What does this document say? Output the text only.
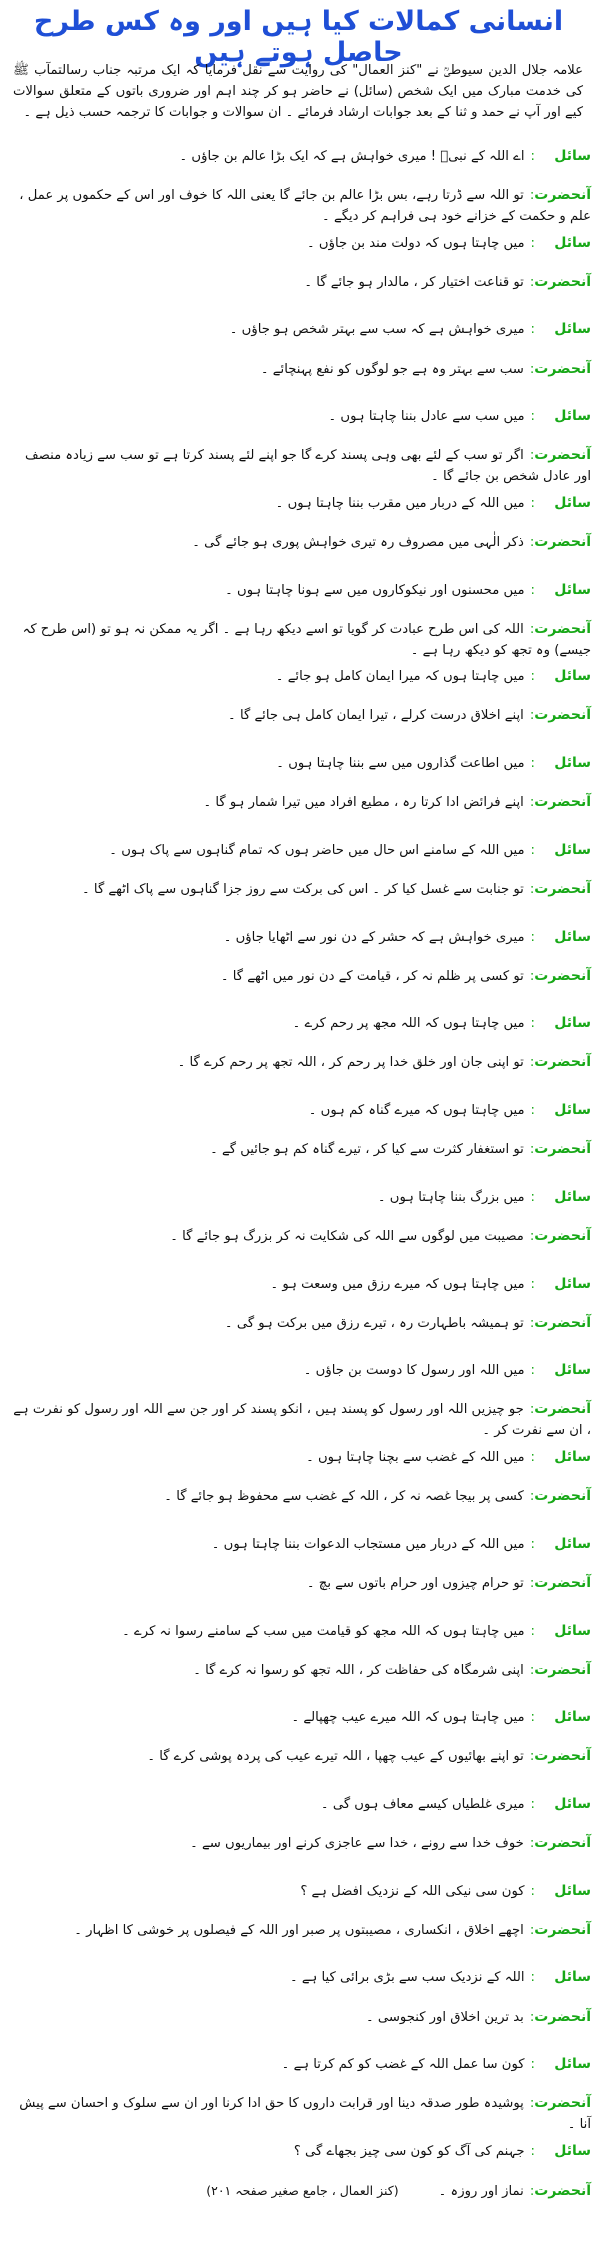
انسانی کمالات کیا ہیں اور وہ کس طرح حاصل ہوتے ہیں
علامہ جلال الدین سیوطیؒ نے "کنز العمال" کی روایت سے نقل فرمایا کہ ایک مرتبہ جناب رسالتمآب ﷺ کی خدمت مبارک میں ایک شخص (سائل) نے حاضر ہو کر چند اہم اور ضروری باتوں کے متعلق سوالات کیے اور آپ نے حمد و ثنا کے بعد جوابات ارشاد فرمائے ۔ ان سوالات و جوابات کا ترجمہ حسب ذیل ہے ۔
سائل:اے اللہ کے نبیؐ ! میری خواہش ہے کہ ایک بڑا عالم بن جاؤں ۔
آنحضرت:تو اللہ سے ڈرتا رہے، بس بڑا عالم بن جائے گا یعنی اللہ کا خوف اور اس کے حکموں پر عمل ، علم و حکمت کے خزانے خود ہی فراہم کر دیگے ۔
سائل:میں چاہتا ہوں کہ دولت مند بن جاؤں ۔
آنحضرت:تو قناعت اختیار کر ، مالدار ہو جائے گا ۔
سائل:میری خواہش ہے کہ سب سے بہتر شخص ہو جاؤں ۔
آنحضرت:سب سے بہتر وہ ہے جو لوگوں کو نفع پہنچائے ۔
سائل:میں سب سے عادل بننا چاہتا ہوں ۔
آنحضرت:اگر تو سب کے لئے بھی وہی پسند کرے گا جو اپنے لئے پسند کرتا ہے تو سب سے زیادہ منصف اور عادل شخص بن جائے گا ۔
سائل:میں اللہ کے دربار میں مقرب بننا چاہتا ہوں ۔
آنحضرت:ذکر الٰہی میں مصروف رہ تیری خواہش پوری ہو جائے گی ۔
سائل:میں محسنوں اور نیکوکاروں میں سے ہونا چاہتا ہوں ۔
آنحضرت:اللہ کی اس طرح عبادت کر گویا تو اسے دیکھ رہا ہے ۔ اگر یہ ممکن نہ ہو تو (اس طرح کہ جیسے) وہ تجھ کو دیکھ رہا ہے ۔
سائل:میں چاہتا ہوں کہ میرا ایمان کامل ہو جائے ۔
آنحضرت:اپنے اخلاق درست کرلے ، تیرا ایمان کامل ہی جائے گا ۔
سائل:میں اطاعت گذاروں میں سے بننا چاہتا ہوں ۔
آنحضرت:اپنے فرائض ادا کرتا رہ ، مطیع افراد میں تیرا شمار ہو گا ۔
سائل:میں اللہ کے سامنے اس حال میں حاضر ہوں کہ تمام گناہوں سے پاک ہوں ۔
آنحضرت:تو جنابت سے غسل کیا کر ۔ اس کی برکت سے روز جزا گناہوں سے پاک اٹھے گا ۔
سائل:میری خواہش ہے کہ حشر کے دن نور سے اٹھایا جاؤں ۔
آنحضرت:تو کسی پر ظلم نہ کر ، قیامت کے دن نور میں اٹھے گا ۔
سائل:میں چاہتا ہوں کہ اللہ مجھ پر رحم کرے ۔
آنحضرت:تو اپنی جان اور خلق خدا پر رحم کر ، اللہ تجھ پر رحم کرے گا ۔
سائل:میں چاہتا ہوں کہ میرے گناہ کم ہوں ۔
آنحضرت:تو استغفار کثرت سے کیا کر ، تیرے گناہ کم ہو جائیں گے ۔
سائل:میں بزرگ بننا چاہتا ہوں ۔
آنحضرت:مصیبت میں لوگوں سے اللہ کی شکایت نہ کر بزرگ ہو جائے گا ۔
سائل:میں چاہتا ہوں کہ میرے رزق میں وسعت ہو ۔
آنحضرت:تو ہمیشہ باطہارت رہ ، تیرے رزق میں برکت ہو گی ۔
سائل:میں اللہ اور رسول کا دوست بن جاؤں ۔
آنحضرت:جو چیزیں اللہ اور رسول کو پسند ہیں ، انکو پسند کر اور جن سے اللہ اور رسول کو نفرت ہے ، ان سے نفرت کر ۔
سائل:میں اللہ کے غضب سے بچنا چاہتا ہوں ۔
آنحضرت:کسی پر بیجا غصہ نہ کر ، اللہ کے غضب سے محفوظ ہو جائے گا ۔
سائل:میں اللہ کے دربار میں مستجاب الدعوات بننا چاہتا ہوں ۔
آنحضرت:تو حرام چیزوں اور حرام باتوں سے بچ ۔
سائل:میں چاہتا ہوں کہ اللہ مجھ کو قیامت میں سب کے سامنے رسوا نہ کرے ۔
آنحضرت:اپنی شرمگاہ کی حفاظت کر ، اللہ تجھ کو رسوا نہ کرے گا ۔
سائل:میں چاہتا ہوں کہ اللہ میرے عیب چھپالے ۔
آنحضرت:تو اپنے بھائیوں کے عیب چھپا ، اللہ تیرے عیب کی پردہ پوشی کرے گا ۔
سائل:میری غلطیاں کیسے معاف ہوں گی ۔
آنحضرت:خوف خدا سے رونے ، خدا سے عاجزی کرنے اور بیماریوں سے ۔
سائل:کون سی نیکی اللہ کے نزدیک افضل ہے ؟
آنحضرت:اچھے اخلاق ، انکساری ، مصیبتوں پر صبر اور اللہ کے فیصلوں پر خوشی کا اظہار ۔
سائل:اللہ کے نزدیک سب سے بڑی برائی کیا ہے ۔
آنحضرت:بد ترین اخلاق اور کنجوسی ۔
سائل:کون سا عمل اللہ کے غضب کو کم کرتا ہے ۔
آنحضرت:پوشیدہ طور صدقہ دینا اور قرابت داروں کا حق ادا کرنا اور ان سے سلوک و احسان سے پیش آنا ۔
سائل:جہنم کی آگ کو کون سی چیز بجھاے گی ؟
آنحضرت:نماز اور روزہ ۔(کنز العمال ، جامع صغیر صفحہ ۲۰۱)
